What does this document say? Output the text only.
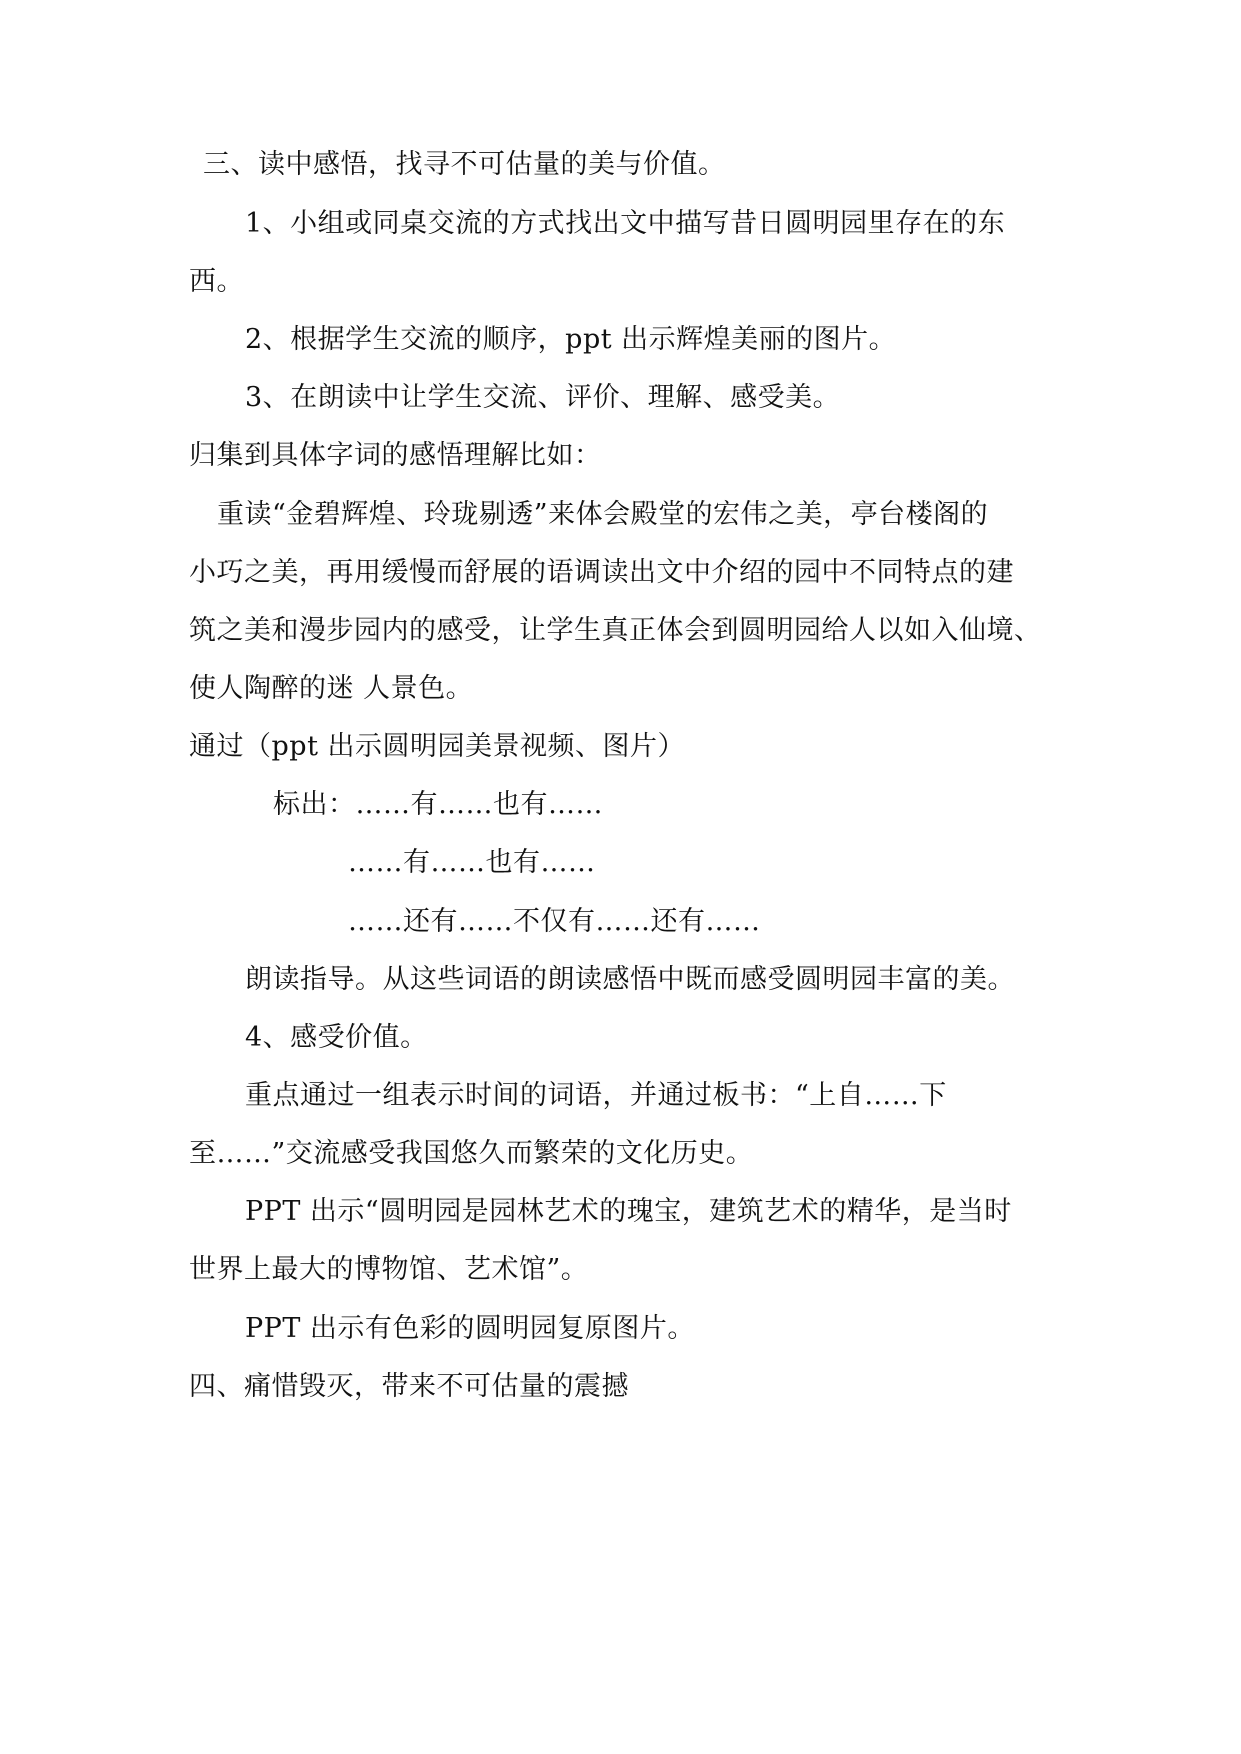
三、读中感悟，找寻不可估量的美与价值。
1、小组或同桌交流的方式找出文中描写昔日圆明园里存在的东
西。
2、根据学生交流的顺序，ppt 出示辉煌美丽的图片。
3、在朗读中让学生交流、评价、理解、感受美。
归集到具体字词的感悟理解比如：
重读“金碧辉煌、玲珑剔透”来体会殿堂的宏伟之美，亭台楼阁的
小巧之美，再用缓慢而舒展的语调读出文中介绍的园中不同特点的建
筑之美和漫步园内的感受，让学生真正体会到圆明园给人以如入仙境、
使人陶醉的迷 人景色。
通过（ppt 出示圆明园美景视频、图片）
标出：……有……也有……
……有……也有……
……还有……不仅有……还有……
朗读指导。从这些词语的朗读感悟中既而感受圆明园丰富的美。
4、感受价值。
重点通过一组表示时间的词语，并通过板书：“上自……下
至……”交流感受我国悠久而繁荣的文化历史。
PPT 出示“圆明园是园林艺术的瑰宝，建筑艺术的精华，是当时
世界上最大的博物馆、艺术馆”。
PPT 出示有色彩的圆明园复原图片。
四、痛惜毁灭，带来不可估量的震撼
